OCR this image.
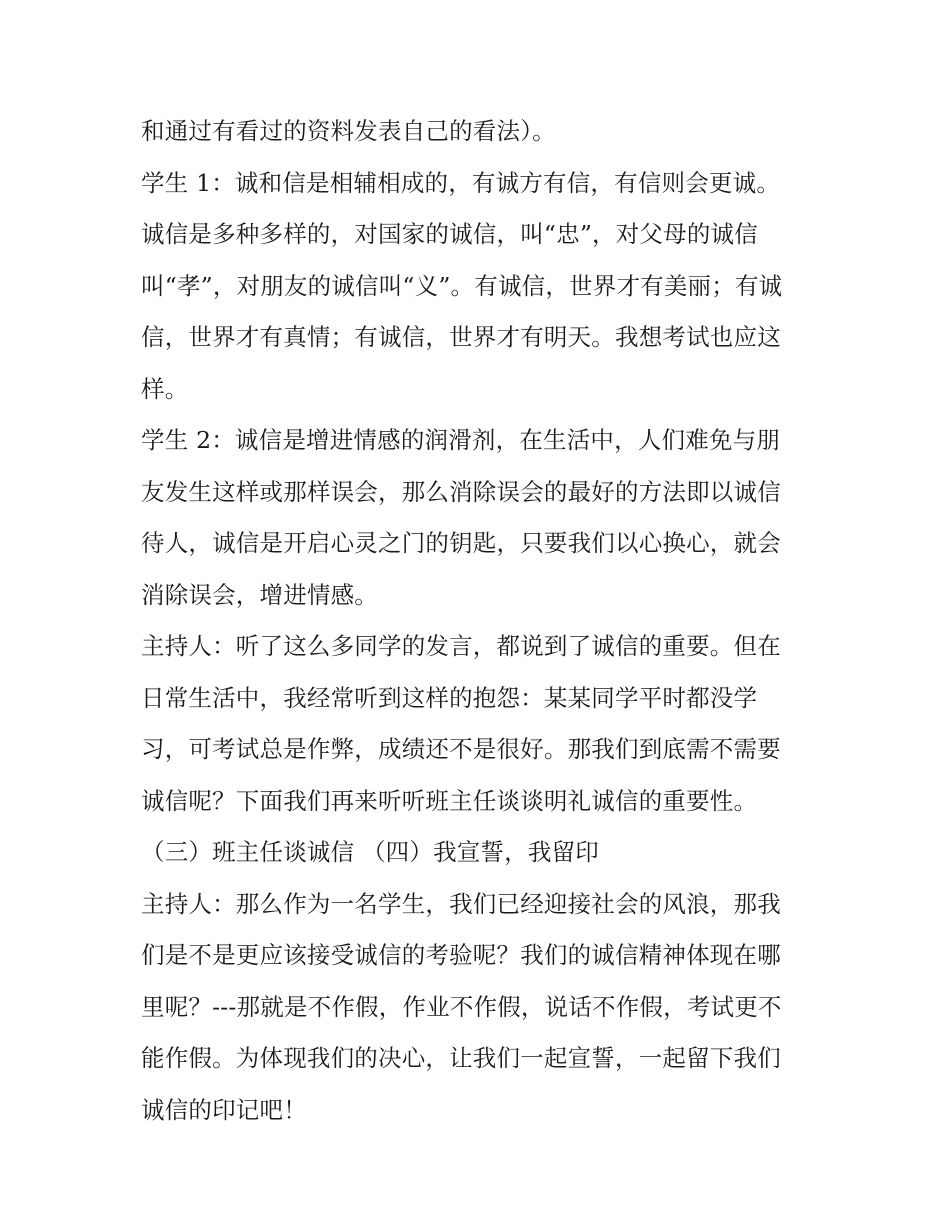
和通过有看过的资料发表自己的看法）。
学生 1：诚和信是相辅相成的，有诚方有信，有信则会更诚。
诚信是多种多样的，对国家的诚信，叫“忠”，对父母的诚信
叫“孝”，对朋友的诚信叫“义”。有诚信，世界才有美丽；有诚
信，世界才有真情；有诚信，世界才有明天。我想考试也应这
样。
学生 2：诚信是增进情感的润滑剂，在生活中，人们难免与朋
友发生这样或那样误会，那么消除误会的最好的方法即以诚信
待人，诚信是开启心灵之门的钥匙，只要我们以心换心，就会
消除误会，增进情感。
主持人：听了这么多同学的发言，都说到了诚信的重要。但在
日常生活中，我经常听到这样的抱怨：某某同学平时都没学
习，可考试总是作弊，成绩还不是很好。那我们到底需不需要
诚信呢？下面我们再来听听班主任谈谈明礼诚信的重要性。
（三）班主任谈诚信 （四）我宣誓，我留印
主持人：那么作为一名学生，我们已经迎接社会的风浪，那我
们是不是更应该接受诚信的考验呢？我们的诚信精神体现在哪
里呢？---那就是不作假，作业不作假，说话不作假，考试更不
能作假。为体现我们的决心，让我们一起宣誓，一起留下我们
诚信的印记吧！
